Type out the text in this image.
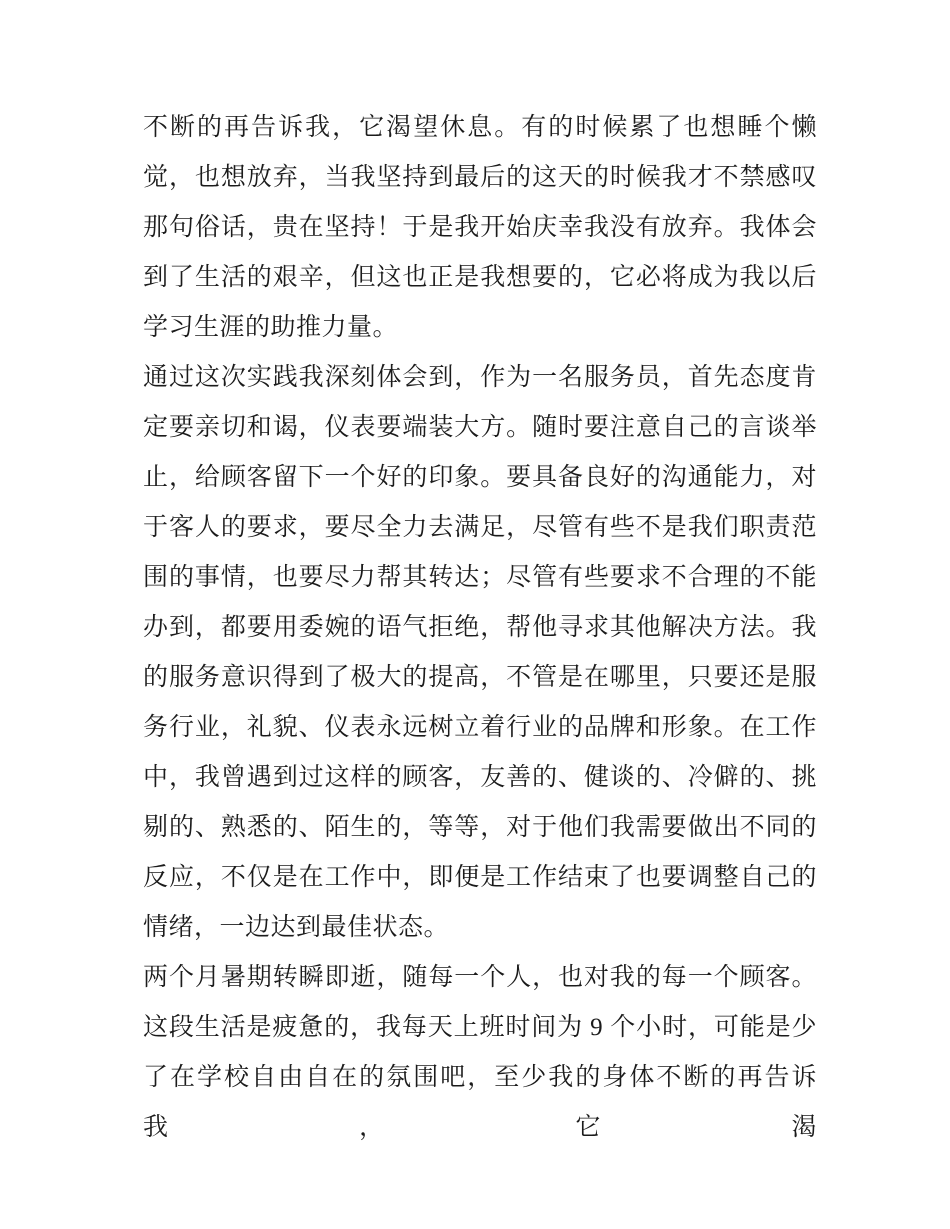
不断的再告诉我，它渴望休息。有的时候累了也想睡个懒觉，也想放弃，当我坚持到最后的这天的时候我才不禁感叹那句俗话，贵在坚持！于是我开始庆幸我没有放弃。我体会到了生活的艰辛，但这也正是我想要的，它必将成为我以后学习生涯的助推力量。

通过这次实践我深刻体会到，作为一名服务员，首先态度肯定要亲切和谒，仪表要端装大方。随时要注意自己的言谈举止，给顾客留下一个好的印象。要具备良好的沟通能力，对于客人的要求，要尽全力去满足，尽管有些不是我们职责范围的事情，也要尽力帮其转达；尽管有些要求不合理的不能办到，都要用委婉的语气拒绝，帮他寻求其他解决方法。我的服务意识得到了极大的提高，不管是在哪里，只要还是服务行业，礼貌、仪表永远树立着行业的品牌和形象。在工作中，我曾遇到过这样的顾客，友善的、健谈的、冷僻的、挑剔的、熟悉的、陌生的，等等，对于他们我需要做出不同的反应，不仅是在工作中，即便是工作结束了也要调整自己的情绪，一边达到最佳状态。

两个月暑期转瞬即逝，随每一个人，也对我的每一个顾客。这段生活是疲惫的，我每天上班时间为 9 个小时，可能是少了在学校自由自在的氛围吧，至少我的身体不断的再告诉我，它渴
